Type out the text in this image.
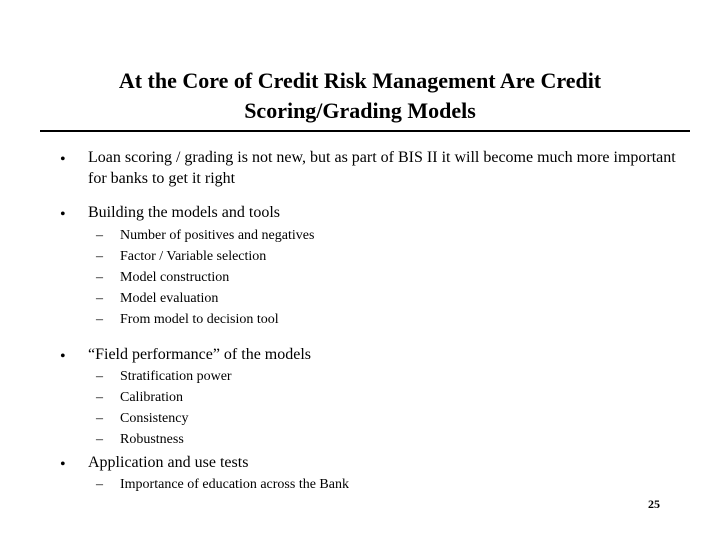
At the Core of Credit Risk Management Are Credit
Scoring/Grading Models
• Loan scoring / grading is not new, but as part of BIS II it will become much more important for banks to get it right
• Building the models and tools
– Number of positives and negatives
– Factor / Variable selection
– Model construction
– Model evaluation
– From model to decision tool
• “Field performance” of the models
– Stratification power
– Calibration
– Consistency
– Robustness
• Application and use tests
– Importance of education across the Bank
25
